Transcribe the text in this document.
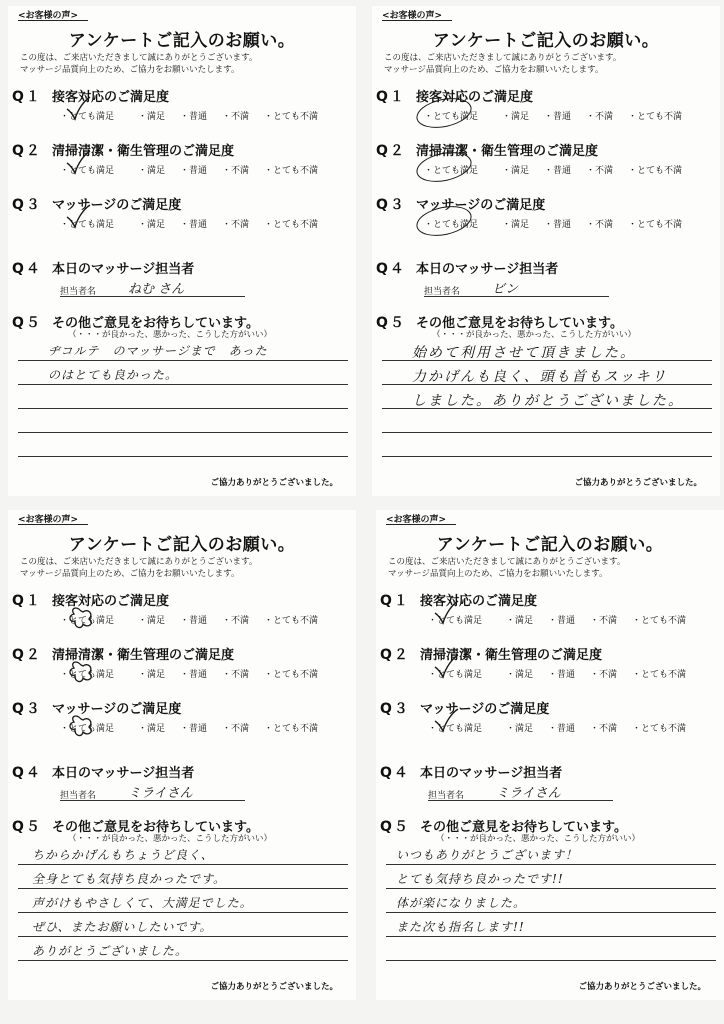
<お客様の声>
アンケートご記入のお願い。
この度は、ご来店いただきまして誠にありがとうございます。
マッサージ品質向上のため、ご協力をお願いいたします。
Q１ 接客対応のご満足度
・とても満足	・満足 ・普通 ・不満 ・とても不満
Q２ 清掃清潔・衛生管理のご満足度
・とても満足	・満足 ・普通 ・不満 ・とても不満
Q３ マッサージのご満足度
・とても満足	・満足 ・普通 ・不満 ・とても不満
Q４ 本日のマッサージ担当者
担当者名 ねむ さん
Q５ その他ご意見をお待ちしています。
（・・・が良かった、悪かった、こうした方がいい）
ヂコルテ　のマッサージまで　あった
のはとても良かった。
ご協力ありがとうございました。
<お客様の声>
アンケートご記入のお願い。
この度は、ご来店いただきまして誠にありがとうございます。
マッサージ品質向上のため、ご協力をお願いいたします。
Q１ 接客対応のご満足度
・とても満足	・満足 ・普通 ・不満 ・とても不満
Q２ 清掃清潔・衛生管理のご満足度
・とても満足	・満足 ・普通 ・不満 ・とても不満
Q３ マッサージのご満足度
・とても満足	・満足 ・普通 ・不満 ・とても不満
Q４ 本日のマッサージ担当者
担当者名 ビン
Q５ その他ご意見をお待ちしています。
（・・・が良かった、悪かった、こうした方がいい）
始めて利用させて頂きました。
力かげんも良く、頭も首もスッキリ
しました。ありがとうございました。
ご協力ありがとうございました。
<お客様の声>
アンケートご記入のお願い。
この度は、ご来店いただきまして誠にありがとうございます。
マッサージ品質向上のため、ご協力をお願いいたします。
Q１ 接客対応のご満足度
・とても満足	・満足 ・普通 ・不満 ・とても不満
Q２ 清掃清潔・衛生管理のご満足度
・とても満足	・満足 ・普通 ・不満 ・とても不満
Q３ マッサージのご満足度
・とても満足	・満足 ・普通 ・不満 ・とても不満
Q４ 本日のマッサージ担当者
担当者名 ミライさん
Q５ その他ご意見をお待ちしています。
（・・・が良かった、悪かった、こうした方がいい）
ちからかげんもちょうど良く、
全身とても気持ち良かったです。
声がけもやさしくて、大満足でした。
ぜひ、またお願いしたいです。
ありがとうございました。
ご協力ありがとうございました。
<お客様の声>
アンケートご記入のお願い。
この度は、ご来店いただきまして誠にありがとうございます。
マッサージ品質向上のため、ご協力をお願いいたします。
Q１ 接客対応のご満足度
・とても満足	・満足 ・普通 ・不満 ・とても不満
Q２ 清掃清潔・衛生管理のご満足度
・とても満足	・満足 ・普通 ・不満 ・とても不満
Q３ マッサージのご満足度
・とても満足	・満足 ・普通 ・不満 ・とても不満
Q４ 本日のマッサージ担当者
担当者名 ミライさん
Q５ その他ご意見をお待ちしています。
（・・・が良かった、悪かった、こうした方がいい）
いつもありがとうございます！
とても気持ち良かったです!!
体が楽になりました。
また次も指名します!!
ご協力ありがとうございました。
